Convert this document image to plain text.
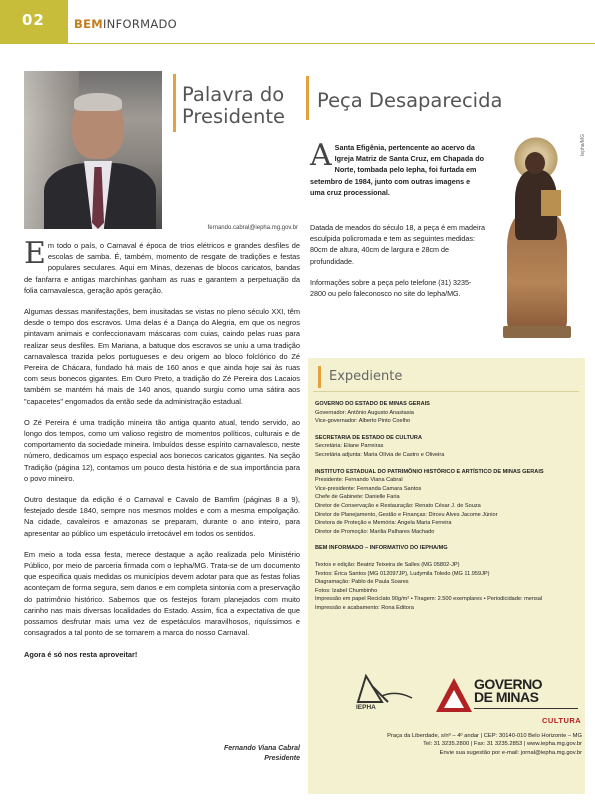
02	BEMINFORMADO
Palavra do
Presidente
fernando.cabral@iepha.mg.gov.br

Em todo o país, o Carnaval é época de trios elétricos e grandes desfiles de escolas de samba. É, também, momento de resgate de tradições e festas populares seculares. Aqui em Minas, dezenas de blocos caricatos, bandas de fanfarra e antigas marchinhas ganham as ruas e garantem a perpetuação da folia carnavalesca, geração após geração.

Algumas dessas manifestações, bem inusitadas se vistas no pleno século XXI, têm desde o tempo dos escravos. Uma delas é a Dança do Alegria, em que os negros pintavam animais e confeccionavam máscaras com cuias, caindo pelas ruas para realizar seus desfiles. Em Mariana, a batuque dos escravos se uniu a uma tradição carnavalesca trazida pelos portugueses e deu origem ao bloco folclórico do Zé Pereira de Chácara, fundado há mais de 160 anos e que ainda hoje sai às ruas com seus bonecos gigantes. Em Ouro Preto, a tradição do Zé Pereira dos Lacaios também se mantém há mais de 140 anos, quando surgiu como uma sátira aos "capacetes" engomados da então sede da administração estadual.

O Zé Pereira é uma tradição mineira tão antiga quanto atual, tendo servido, ao longo dos tempos, como um valioso registro de momentos políticos, culturais e de comportamento da sociedade mineira. Imbuídos desse espírito carnavalesco, neste número, dedicamos um espaço especial aos bonecos caricatos gigantes. Na seção Tradição (página 12), contamos um pouco desta história e de sua importância para o povo mineiro.

Outro destaque da edição é o Carnaval e Cavalo de Bamfim (páginas 8 a 9), festejado desde 1840, sempre nos mesmos moldes e com a mesma empolgação. Na cidade, cavaleiros e amazonas se preparam, durante o ano inteiro, para apresentar ao público um espetáculo irretocável em todos os sentidos.

Em meio a toda essa festa, merece destaque a ação realizada pelo Ministério Público, por meio de parceria firmada com o Iepha/MG. Trata-se de um documento que especifica quais medidas os municípios devem adotar para que as festas folias aconteçam de forma segura, sem danos e em completa sintonia com a preservação do patrimônio histórico. Sabemos que os festejos foram planejados com muito carinho nas mais diversas localidades do Estado. Assim, fica a expectativa de que possamos desfrutar mais uma vez de espetáculos maravilhosos, riquíssimos e consagrados a tal ponto de se tornarem a marca do nosso Carnaval.

Agora é só nos resta aproveitar!

Fernando Viana Cabral
Presidente
Peça Desaparecida

A Santa Efigênia, pertencente ao acervo da Igreja Matriz de Santa Cruz, em Chapada do Norte, tombada pelo Iepha, foi furtada em setembro de 1984, junto com outras imagens e uma cruz processional.

Datada de meados do século 18, a peça é em madeira esculpida policromada e tem as seguintes medidas: 80cm de altura, 40cm de largura e 28cm de profundidade.

Informações sobre a peça pelo telefone (31) 3235-2800 ou pelo faleconosco no site do Iepha/MG.

Iepha/MG
Expediente
GOVERNO DO ESTADO DE MINAS GERAIS
Governador: Antônio Augusto Anastasia
Vice-governador: Alberto Pinto Coelho
SECRETARIA DE ESTADO DE CULTURA
Secretária: Eliane Parreiras
Secretária adjunta: Maria Olívia de Castro e Oliveira
INSTITUTO ESTADUAL DO PATRIMÔNIO HISTÓRICO E ARTÍSTICO DE MINAS GERAIS
Presidente: Fernando Viana Cabral
Vice-presidente: Fernanda Camara Santos
Chefe de Gabinete: Danielle Faria
Diretor de Conservação e Restauração: Renato César J. de Souza
Diretor de Planejamento, Gestão e Finanças: Dirceu Alves Jacome Júnior
Diretora de Proteção e Memória: Angela Maria Ferreira
Diretor de Promoção: Marilia Palhares Machado
BEM INFORMADO – INFORMATIVO DO IEPHA/MG
Textos e edição: Beatriz Teixeira de Salles (MG 05802-JP)
Textos: Érica Santos (MG 012097JP), Ludymila Toledo (MG 11.959JP)
Diagramação: Pablo de Paula Soares
Fotos: Izabel Chumbinho
Impressão em papel Reciclato 90g/m² • Tiragem: 2.500 exemplares • Periodicidade: mensal
Impressão e acabamento: Rona Editora
IEPHA
GOVERNO
DE MINAS
CULTURA
Praça da Liberdade, s/nº – 4º andar | CEP: 30140-010 Belo Horizonte – MG
Tel: 31 3235.2800 | Fax: 31 3235.2853 | www.iepha.mg.gov.br
Envie sua sugestão por e-mail: jornal@iepha.mg.gov.br
